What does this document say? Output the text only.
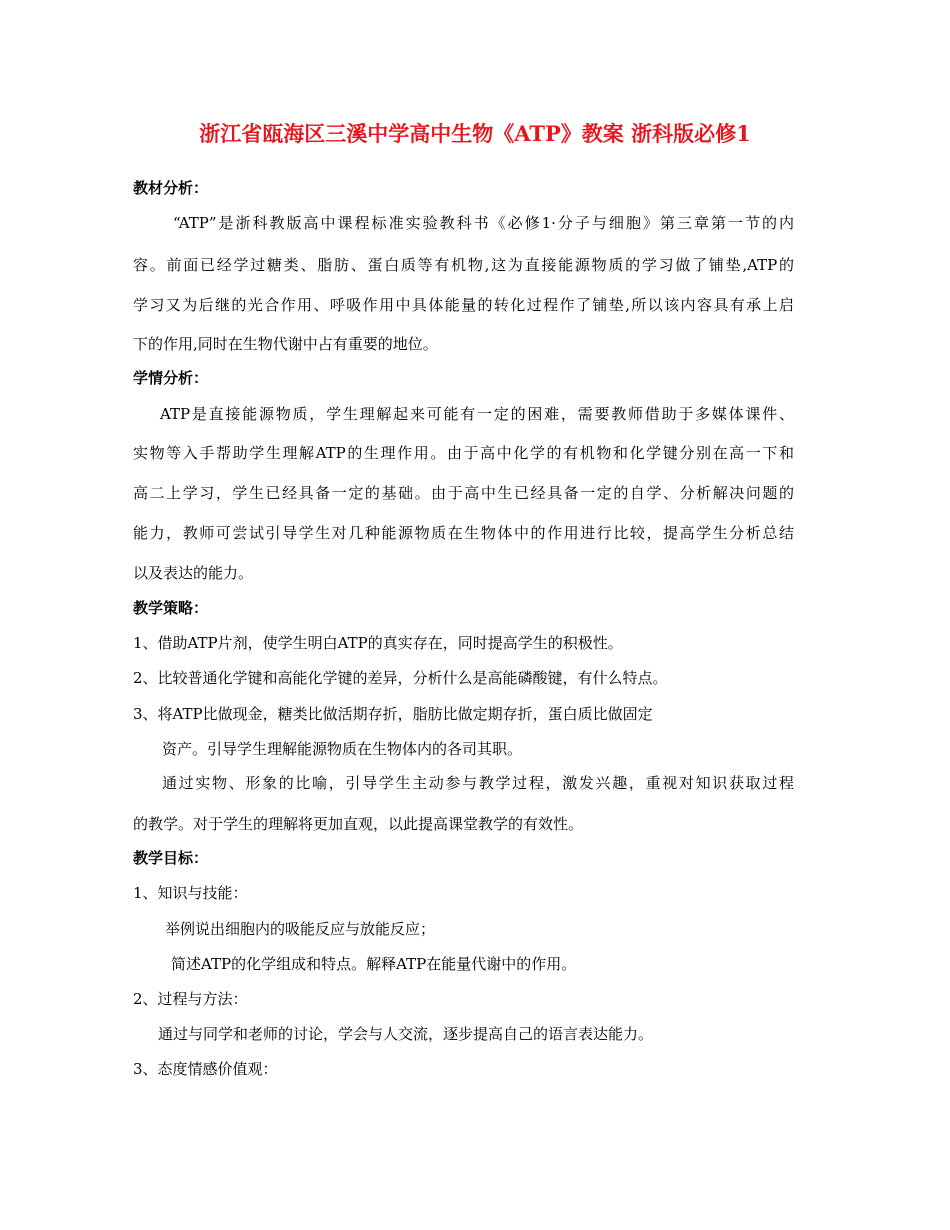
浙江省瓯海区三溪中学高中生物《ATP》教案 浙科版必修1
教材分析：
“ATP”是浙科教版高中课程标准实验教科书《必修1·分子与细胞》第三章第一节的内
容。前面已经学过糖类、脂肪、蛋白质等有机物,这为直接能源物质的学习做了铺垫,ATP的
学习又为后继的光合作用、呼吸作用中具体能量的转化过程作了铺垫,所以该内容具有承上启
下的作用,同时在生物代谢中占有重要的地位。
学情分析：
ATP是直接能源物质，学生理解起来可能有一定的困难，需要教师借助于多媒体课件、
实物等入手帮助学生理解ATP的生理作用。由于高中化学的有机物和化学键分别在高一下和
高二上学习，学生已经具备一定的基础。由于高中生已经具备一定的自学、分析解决问题的
能力，教师可尝试引导学生对几种能源物质在生物体中的作用进行比较，提高学生分析总结
以及表达的能力。
教学策略：
1、借助ATP片剂，使学生明白ATP的真实存在，同时提高学生的积极性。
2、比较普通化学键和高能化学键的差异，分析什么是高能磷酸键，有什么特点。
3、将ATP比做现金，糖类比做活期存折，脂肪比做定期存折，蛋白质比做固定
资产。引导学生理解能源物质在生物体内的各司其职。
通过实物、形象的比喻，引导学生主动参与教学过程，激发兴趣，重视对知识获取过程
的教学。对于学生的理解将更加直观，以此提高课堂教学的有效性。
教学目标：
1、知识与技能：
举例说出细胞内的吸能反应与放能反应；
简述ATP的化学组成和特点。解释ATP在能量代谢中的作用。
2、过程与方法：
通过与同学和老师的讨论，学会与人交流，逐步提高自己的语言表达能力。
3、态度情感价值观：
